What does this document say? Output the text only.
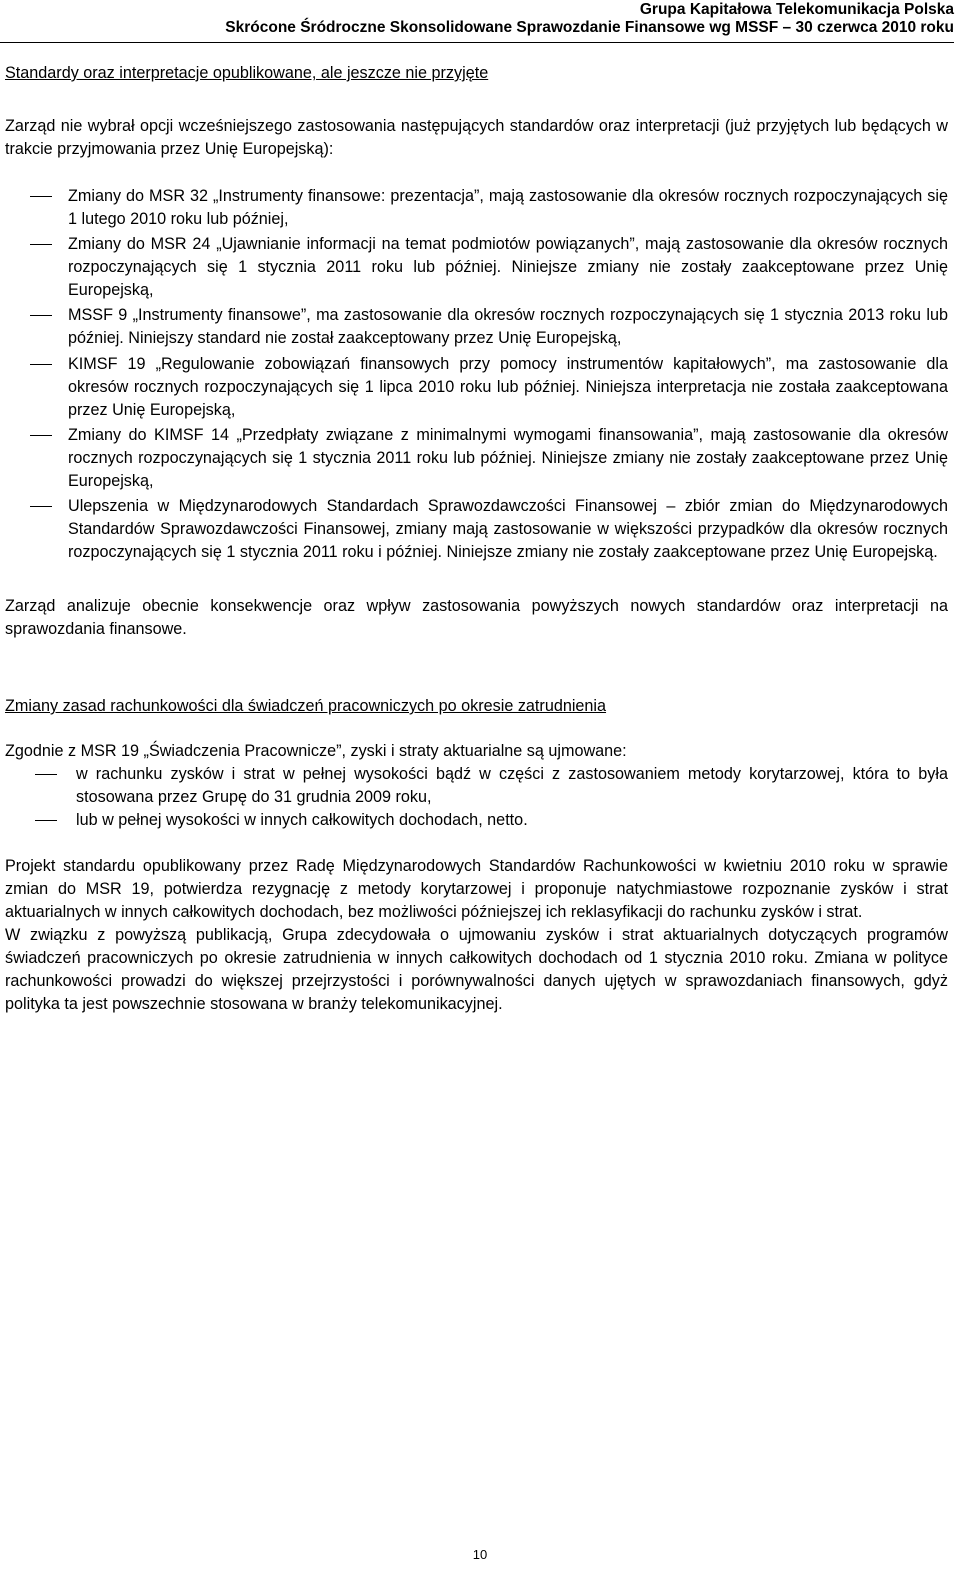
Grupa Kapitałowa Telekomunikacja Polska
Skrócone Śródroczne Skonsolidowane Sprawozdanie Finansowe wg MSSF – 30 czerwca 2010 roku

Standardy oraz interpretacje opublikowane, ale jeszcze nie przyjęte

Zarząd nie wybrał opcji wcześniejszego zastosowania następujących standardów oraz interpretacji (już przyjętych lub będących w trakcie przyjmowania przez Unię Europejską):

Zmiany do MSR 32 „Instrumenty finansowe: prezentacja”, mają zastosowanie dla okresów rocznych rozpoczynających się 1 lutego 2010 roku lub później,
Zmiany do MSR 24 „Ujawnianie informacji na temat podmiotów powiązanych”, mają zastosowanie dla okresów rocznych rozpoczynających się 1 stycznia 2011 roku lub później. Niniejsze zmiany nie zostały zaakceptowane przez Unię Europejską,
MSSF 9 „Instrumenty finansowe”, ma zastosowanie dla okresów rocznych rozpoczynających się 1 stycznia 2013 roku lub później. Niniejszy standard nie został zaakceptowany przez Unię Europejską,
KIMSF 19 „Regulowanie zobowiązań finansowych przy pomocy instrumentów kapitałowych”, ma zastosowanie dla okresów rocznych rozpoczynających się 1 lipca 2010 roku lub później. Niniejsza interpretacja nie została zaakceptowana przez Unię Europejską,
Zmiany do KIMSF 14 „Przedpłaty związane z minimalnymi wymogami finansowania”, mają zastosowanie dla okresów rocznych rozpoczynających się 1 stycznia 2011 roku lub później. Niniejsze zmiany nie zostały zaakceptowane przez Unię Europejską,
Ulepszenia w Międzynarodowych Standardach Sprawozdawczości Finansowej – zbiór zmian do Międzynarodowych Standardów Sprawozdawczości Finansowej, zmiany mają zastosowanie w większości przypadków dla okresów rocznych rozpoczynających się 1 stycznia 2011 roku i później. Niniejsze zmiany nie zostały zaakceptowane przez Unię Europejską.

Zarząd analizuje obecnie konsekwencje oraz wpływ zastosowania powyższych nowych standardów oraz interpretacji na sprawozdania finansowe.

Zmiany zasad rachunkowości dla świadczeń pracowniczych po okresie zatrudnienia

Zgodnie z MSR 19 „Świadczenia Pracownicze”, zyski i straty aktuarialne są ujmowane:

w rachunku zysków i strat w pełnej wysokości bądź w części z zastosowaniem metody korytarzowej, która to była stosowana przez Grupę do 31 grudnia 2009 roku,
lub w pełnej wysokości w innych całkowitych dochodach, netto.

Projekt standardu opublikowany przez Radę Międzynarodowych Standardów Rachunkowości w kwietniu 2010 roku w sprawie zmian do MSR 19, potwierdza rezygnację z metody korytarzowej i proponuje natychmiastowe rozpoznanie zysków i strat aktuarialnych w innych całkowitych dochodach, bez możliwości późniejszej ich reklasyfikacji do rachunku zysków i strat.

W związku z powyższą publikacją, Grupa zdecydowała o ujmowaniu zysków i strat aktuarialnych dotyczących programów świadczeń pracowniczych po okresie zatrudnienia w innych całkowitych dochodach od 1 stycznia 2010 roku. Zmiana w polityce rachunkowości prowadzi do większej przejrzystości i porównywalności danych ujętych w sprawozdaniach finansowych, gdyż polityka ta jest powszechnie stosowana w branży telekomunikacyjnej.

10
